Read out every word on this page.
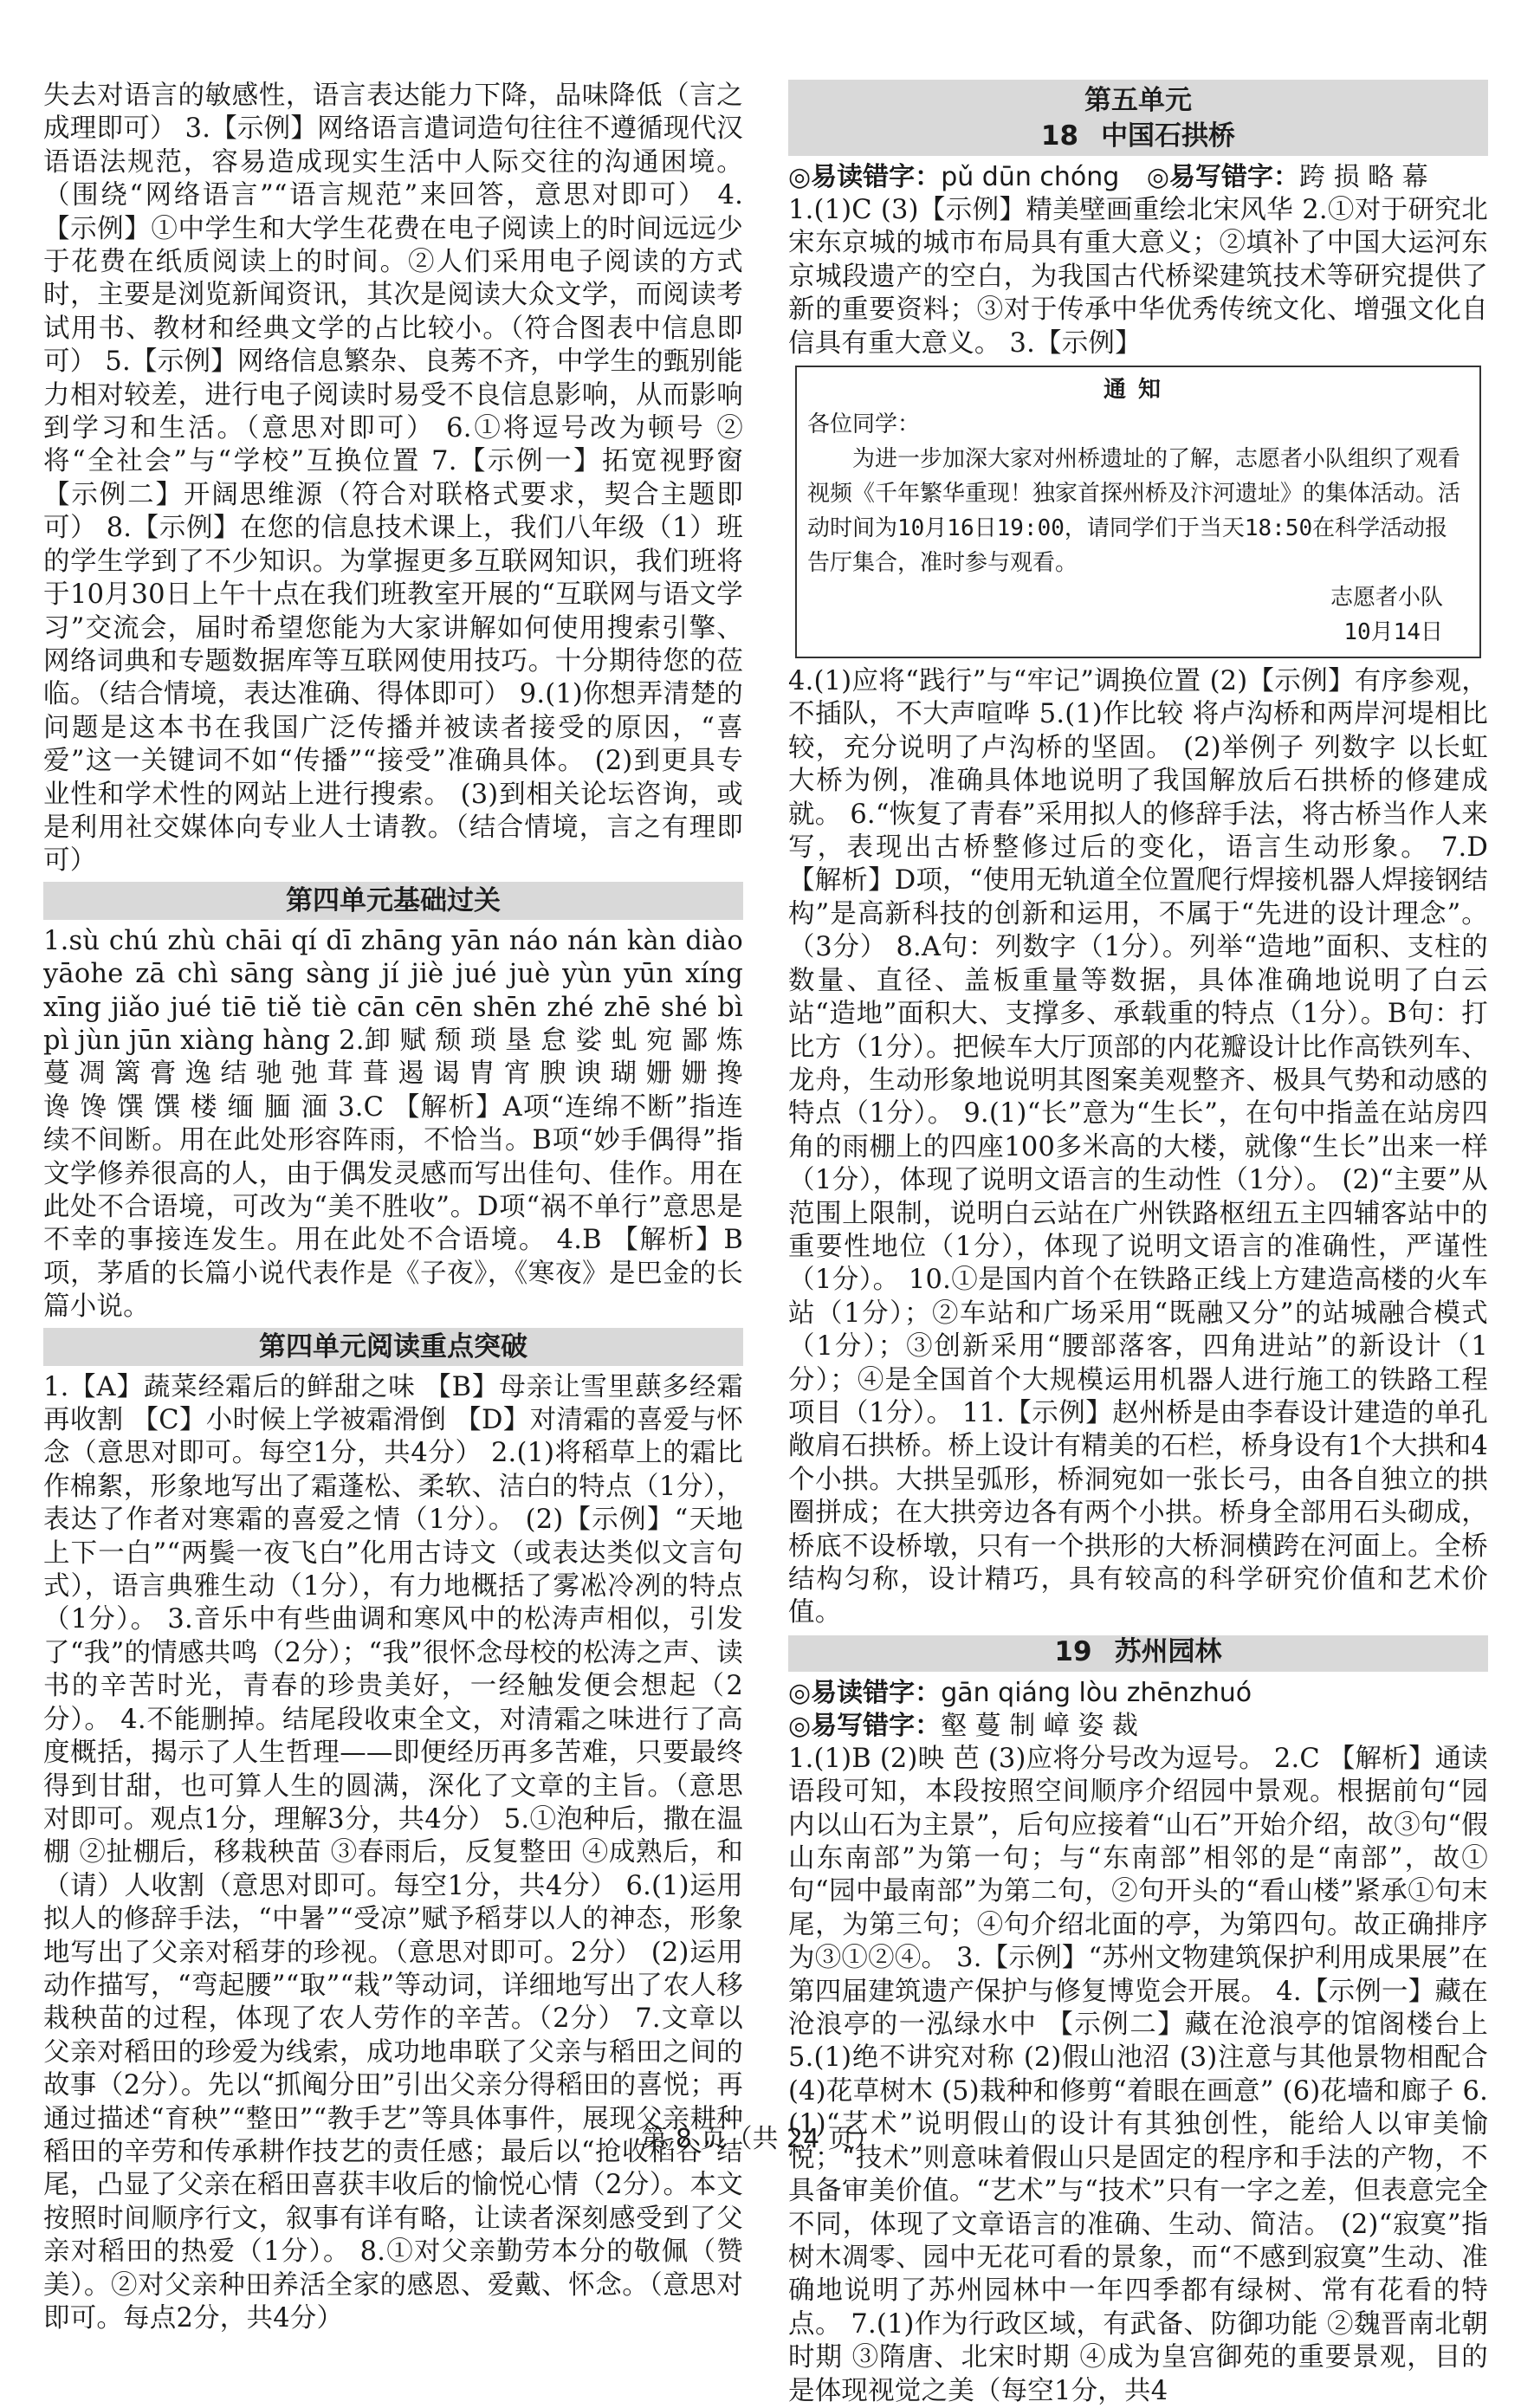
失去对语言的敏感性，语言表达能力下降，品味降低（言之成理即可） 3.【示例】网络语言遣词造句往往不遵循现代汉语语法规范，容易造成现实生活中人际交往的沟通困境。（围绕“网络语言”“语言规范”来回答，意思对即可） 4.【示例】①中学生和大学生花费在电子阅读上的时间远远少于花费在纸质阅读上的时间。②人们采用电子阅读的方式时，主要是浏览新闻资讯，其次是阅读大众文学，而阅读考试用书、教材和经典文学的占比较小。（符合图表中信息即可） 5.【示例】网络信息繁杂、良莠不齐，中学生的甄别能力相对较差，进行电子阅读时易受不良信息影响，从而影响到学习和生活。（意思对即可） 6.①将逗号改为顿号 ②将“全社会”与“学校”互换位置 7.【示例一】拓宽视野窗 【示例二】开阔思维源（符合对联格式要求，契合主题即可） 8.【示例】在您的信息技术课上，我们八年级（1）班的学生学到了不少知识。为掌握更多互联网知识，我们班将于10月30日上午十点在我们班教室开展的“互联网与语文学习”交流会，届时希望您能为大家讲解如何使用搜索引擎、网络词典和专题数据库等互联网使用技巧。十分期待您的莅临。（结合情境，表达准确、得体即可） 9.(1)你想弄清楚的问题是这本书在我国广泛传播并被读者接受的原因，“喜爱”这一关键词不如“传播”“接受”准确具体。 (2)到更具专业性和学术性的网站上进行搜索。 (3)到相关论坛咨询，或是利用社交媒体向专业人士请教。（结合情境，言之有理即可）

第四单元基础过关

1.sù chú zhù chāi qí dī zhāng yān náo nán kàn diào yāohe zā chì sāng sàng jí jiè jué juè yùn yūn xíng xīng jiǎo jué tiē tiě tiè cān cēn shēn zhé zhē shé bì pì jùn jūn xiàng hàng 2.卸 赋 颓 琐 垦 怠 娑 虬 宛 鄙 炼 蔓 凋 篱 膏 逸 结 驰 弛 茸 葺 遏 谒 胄 宵 腴 谀 瑚 姗 姗 搀 谗 馋 馔 馔 楼 缅 腼 湎 3.C 【解析】A项“连绵不断”指连续不间断。用在此处形容阵雨，不恰当。B项“妙手偶得”指文学修养很高的人，由于偶发灵感而写出佳句、佳作。用在此处不合语境，可改为“美不胜收”。D项“祸不单行”意思是不幸的事接连发生。用在此处不合语境。 4.B 【解析】B项，茅盾的长篇小说代表作是《子夜》，《寒夜》是巴金的长篇小说。

第四单元阅读重点突破

1.【A】蔬菜经霜后的鲜甜之味 【B】母亲让雪里蕻多经霜再收割 【C】小时候上学被霜滑倒 【D】对清霜的喜爱与怀念（意思对即可。每空1分，共4分） 2.(1)将稻草上的霜比作棉絮，形象地写出了霜蓬松、柔软、洁白的特点（1分），表达了作者对寒霜的喜爱之情（1分）。 (2)【示例】“天地上下一白”“两鬓一夜飞白”化用古诗文（或表达类似文言句式），语言典雅生动（1分），有力地概括了雾凇冷冽的特点（1分）。 3.音乐中有些曲调和寒风中的松涛声相似，引发了“我”的情感共鸣（2分）；“我”很怀念母校的松涛之声、读书的辛苦时光，青春的珍贵美好，一经触发便会想起（2分）。 4.不能删掉。结尾段收束全文，对清霜之味进行了高度概括，揭示了人生哲理——即便经历再多苦难，只要最终得到甘甜，也可算人生的圆满，深化了文章的主旨。（意思对即可。观点1分，理解3分，共4分） 5.①泡种后，撒在温棚 ②扯棚后，移栽秧苗 ③春雨后，反复整田 ④成熟后，和（请）人收割（意思对即可。每空1分，共4分） 6.(1)运用拟人的修辞手法，“中暑”“受凉”赋予稻芽以人的神态，形象地写出了父亲对稻芽的珍视。（意思对即可。2分） (2)运用动作描写，“弯起腰”“取”“栽”等动词，详细地写出了农人移栽秧苗的过程，体现了农人劳作的辛苦。（2分） 7.文章以父亲对稻田的珍爱为线索，成功地串联了父亲与稻田之间的故事（2分）。先以“抓阄分田”引出父亲分得稻田的喜悦；再通过描述“育秧”“整田”“教手艺”等具体事件，展现父亲耕种稻田的辛劳和传承耕作技艺的责任感；最后以“抢收稻谷”结尾，凸显了父亲在稻田喜获丰收后的愉悦心情（2分）。本文按照时间顺序行文，叙事有详有略，让读者深刻感受到了父亲对稻田的热爱（1分）。 8.①对父亲勤劳本分的敬佩（赞美）。②对父亲种田养活全家的感恩、爱戴、怀念。（意思对即可。每点2分，共4分）

第五单元
18 中国石拱桥
◎易读错字：pǔ dūn chóng ◎易写错字：跨 损 略 幕

1.(1)C (3)【示例】精美壁画重绘北宋风华 2.①对于研究北宋东京城的城市布局具有重大意义；②填补了中国大运河东京城段遗产的空白，为我国古代桥梁建筑技术等研究提供了新的重要资料；③对于传承中华优秀传统文化、增强文化自信具有重大意义。 3.【示例】

通知
各位同学：
为进一步加深大家对州桥遗址的了解，志愿者小队组织了观看视频《千年繁华重现！独家首探州桥及汴河遗址》的集体活动。活动时间为10月16日19:00，请同学们于当天18:50在科学活动报告厅集合，准时参与观看。
志愿者小队
10月14日

4.(1)应将“践行”与“牢记”调换位置 (2)【示例】有序参观，不插队，不大声喧哗 5.(1)作比较 将卢沟桥和两岸河堤相比较，充分说明了卢沟桥的坚固。 (2)举例子 列数字 以长虹大桥为例，准确具体地说明了我国解放后石拱桥的修建成就。 6.“恢复了青春”采用拟人的修辞手法，将古桥当作人来写，表现出古桥整修过后的变化，语言生动形象。 7.D 【解析】D项，“使用无轨道全位置爬行焊接机器人焊接钢结构”是高新科技的创新和运用，不属于“先进的设计理念”。（3分） 8.A句：列数字（1分）。列举“造地”面积、支柱的数量、直径、盖板重量等数据，具体准确地说明了白云站“造地”面积大、支撑多、承载重的特点（1分）。B句：打比方（1分）。把候车大厅顶部的内花瓣设计比作高铁列车、龙舟，生动形象地说明其图案美观整齐、极具气势和动感的特点（1分）。 9.(1)“长”意为“生长”，在句中指盖在站房四角的雨棚上的四座100多米高的大楼，就像“生长”出来一样（1分），体现了说明文语言的生动性（1分）。 (2)“主要”从范围上限制，说明白云站在广州铁路枢纽五主四辅客站中的重要性地位（1分），体现了说明文语言的准确性，严谨性（1分）。 10.①是国内首个在铁路正线上方建造高楼的火车站（1分）；②车站和广场采用“既融又分”的站城融合模式（1分）；③创新采用“腰部落客，四角进站”的新设计（1分）；④是全国首个大规模运用机器人进行施工的铁路工程项目（1分）。 11.【示例】赵州桥是由李春设计建造的单孔敞肩石拱桥。桥上设计有精美的石栏，桥身设有1个大拱和4个小拱。大拱呈弧形，桥洞宛如一张长弓，由各自独立的拱圈拼成；在大拱旁边各有两个小拱。桥身全部用石头砌成，桥底不设桥墩，只有一个拱形的大桥洞横跨在河面上。全桥结构匀称，设计精巧，具有较高的科学研究价值和艺术价值。

19 苏州园林
◎易读错字：gān qiáng lòu zhēnzhuó
◎易写错字：壑 蔓 制 嶂 姿 裁

1.(1)B (2)映 芭 (3)应将分号改为逗号。 2.C 【解析】通读语段可知，本段按照空间顺序介绍园中景观。根据前句“园内以山石为主景”，后句应接着“山石”开始介绍，故③句“假山东南部”为第一句；与“东南部”相邻的是“南部”，故①句“园中最南部”为第二句，②句开头的“看山楼”紧承①句末尾，为第三句；④句介绍北面的亭，为第四句。故正确排序为③①②④。 3.【示例】“苏州文物建筑保护利用成果展”在第四届建筑遗产保护与修复博览会开展。 4.【示例一】藏在沧浪亭的一泓绿水中 【示例二】藏在沧浪亭的馆阁楼台上 5.(1)绝不讲究对称 (2)假山池沼 (3)注意与其他景物相配合 (4)花草树木 (5)栽种和修剪“着眼在画意” (6)花墙和廊子 6.(1)“艺术”说明假山的设计有其独创性，能给人以审美愉悦；“技术”则意味着假山只是固定的程序和手法的产物，不具备审美价值。“艺术”与“技术”只有一字之差，但表意完全不同，体现了文章语言的准确、生动、简洁。 (2)“寂寞”指树木凋零、园中无花可看的景象，而“不感到寂寞”生动、准确地说明了苏州园林中一年四季都有绿树、常有花看的特点。 7.(1)作为行政区域，有武备、防御功能 ②魏晋南北朝时期 ③隋唐、北宋时期 ④成为皇宫御苑的重要景观，目的是体现视觉之美（每空1分，共4

第 8 页（共 24 页）
